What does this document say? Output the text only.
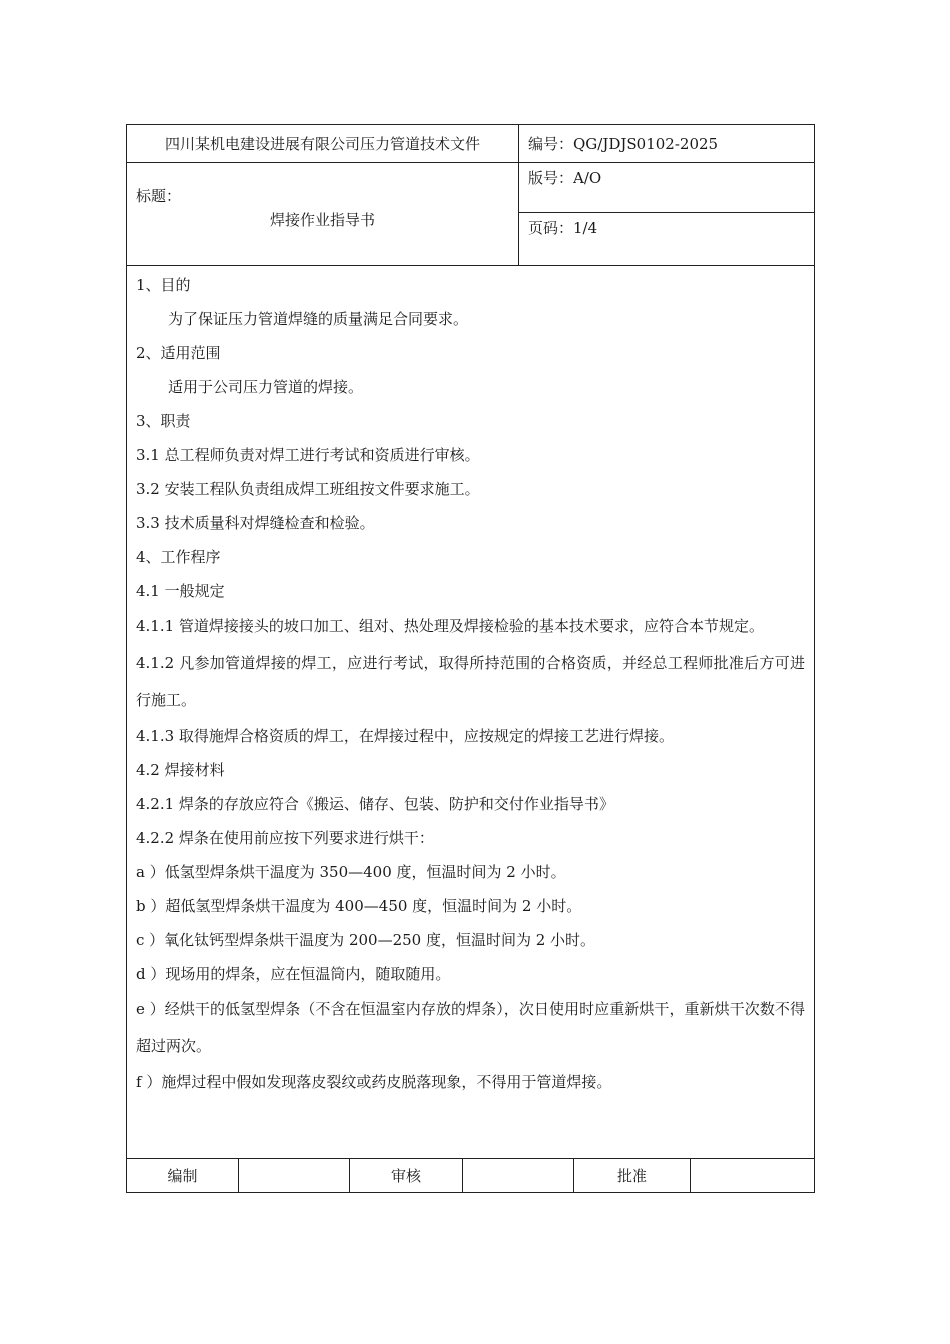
四川某机电建设进展有限公司压力管道技术文件
标题：
焊接作业指导书
编号：QG/JDJS0102-2025
版号：A/O
页码：1/4

1、目的

为了保证压力管道焊缝的质量满足合同要求。

2、适用范围

适用于公司压力管道的焊接。

3、职责

3.1 总工程师负责对焊工进行考试和资质进行审核。

3.2 安装工程队负责组成焊工班组按文件要求施工。

3.3 技术质量科对焊缝检查和检验。

4、工作程序

4.1 一般规定

4.1.1 管道焊接接头的坡口加工、组对、热处理及焊接检验的基本技术要求，应符合本节规定。

4.1.2 凡参加管道焊接的焊工，应进行考试，取得所持范围的合格资质，并经总工程师批准后方可进行施工。

4.1.3 取得施焊合格资质的焊工，在焊接过程中，应按规定的焊接工艺进行焊接。

4.2 焊接材料

4.2.1 焊条的存放应符合《搬运、储存、包装、防护和交付作业指导书》

4.2.2 焊条在使用前应按下列要求进行烘干：

a ）低氢型焊条烘干温度为 350—400 度，恒温时间为 2 小时。

b ）超低氢型焊条烘干温度为 400—450 度，恒温时间为 2 小时。

c ）氧化钛钙型焊条烘干温度为 200—250 度，恒温时间为 2 小时。

d ）现场用的焊条，应在恒温筒内，随取随用。

e ）经烘干的低氢型焊条（不含在恒温室内存放的焊条），次日使用时应重新烘干，重新烘干次数不得超过两次。

f ）施焊过程中假如发现落皮裂纹或药皮脱落现象，不得用于管道焊接。

编制	审核	批准
